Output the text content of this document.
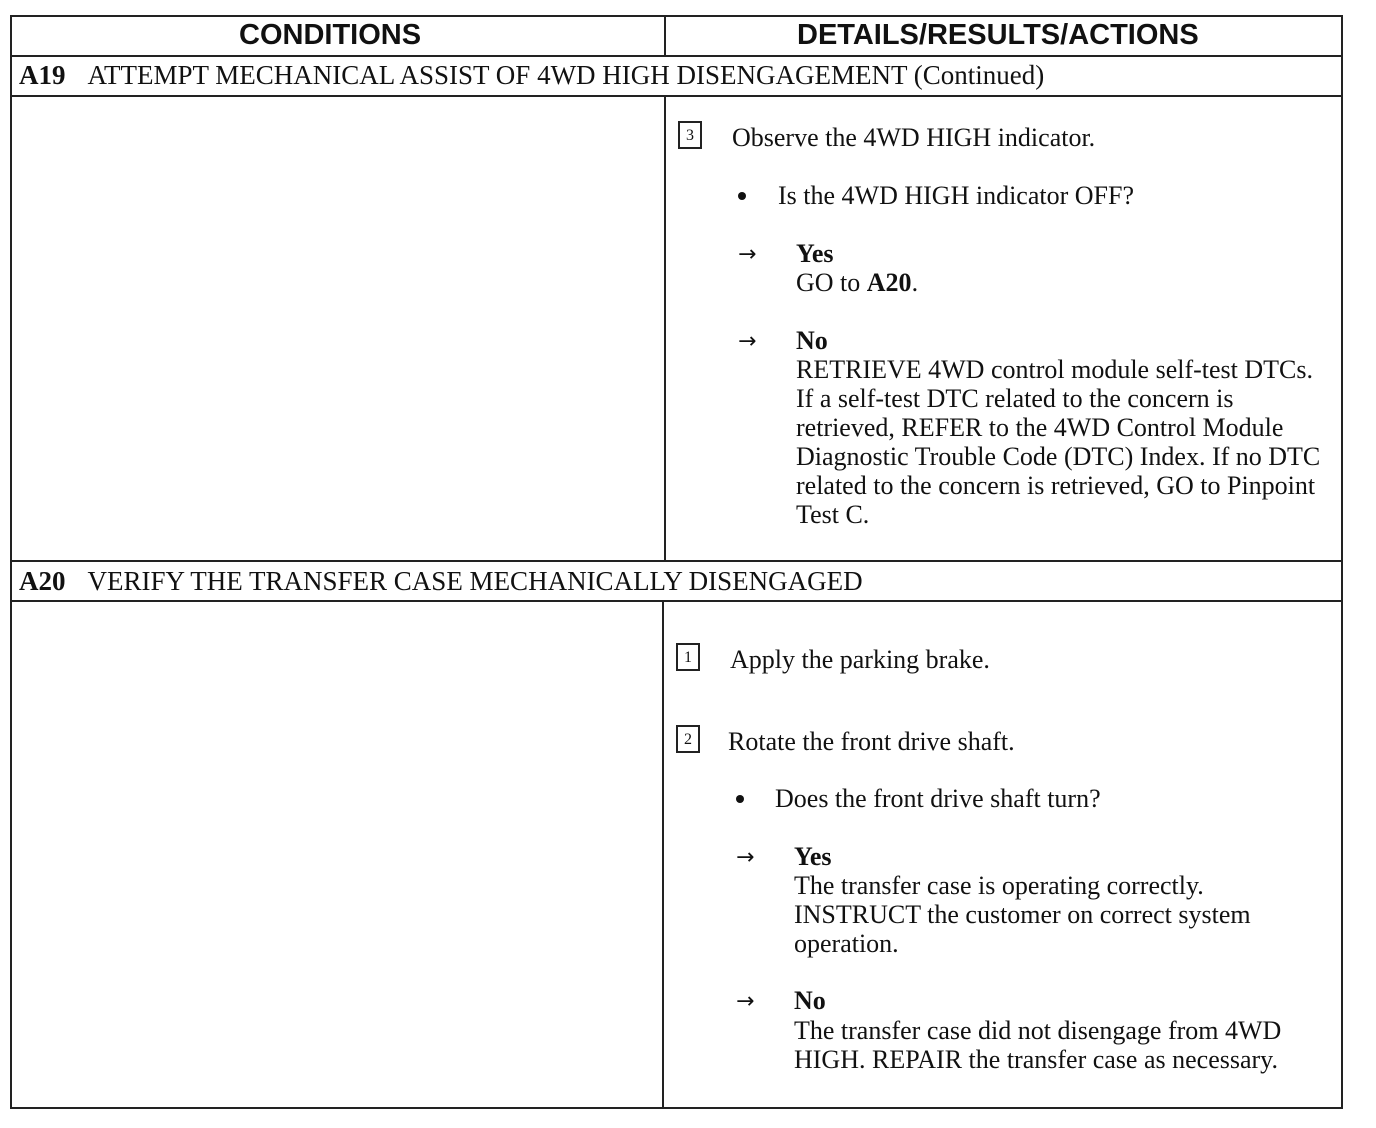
CONDITIONS	DETAILS/RESULTS/ACTIONS
A19 ATTEMPT MECHANICAL ASSIST OF 4WD HIGH DISENGAGEMENT (Continued)
3	Observe the 4WD HIGH indicator.
Is the 4WD HIGH indicator OFF?
→ Yes
GO to A20.
→ No
RETRIEVE 4WD control module self-test DTCs. If a self-test DTC related to the concern is retrieved, REFER to the 4WD Control Module Diagnostic Trouble Code (DTC) Index. If no DTC related to the concern is retrieved, GO to Pinpoint Test C.
A20 VERIFY THE TRANSFER CASE MECHANICALLY DISENGAGED
1	Apply the parking brake.
2	Rotate the front drive shaft.
Does the front drive shaft turn?
→ Yes
The transfer case is operating correctly. INSTRUCT the customer on correct system operation.
→ No
The transfer case did not disengage from 4WD HIGH. REPAIR the transfer case as necessary.
